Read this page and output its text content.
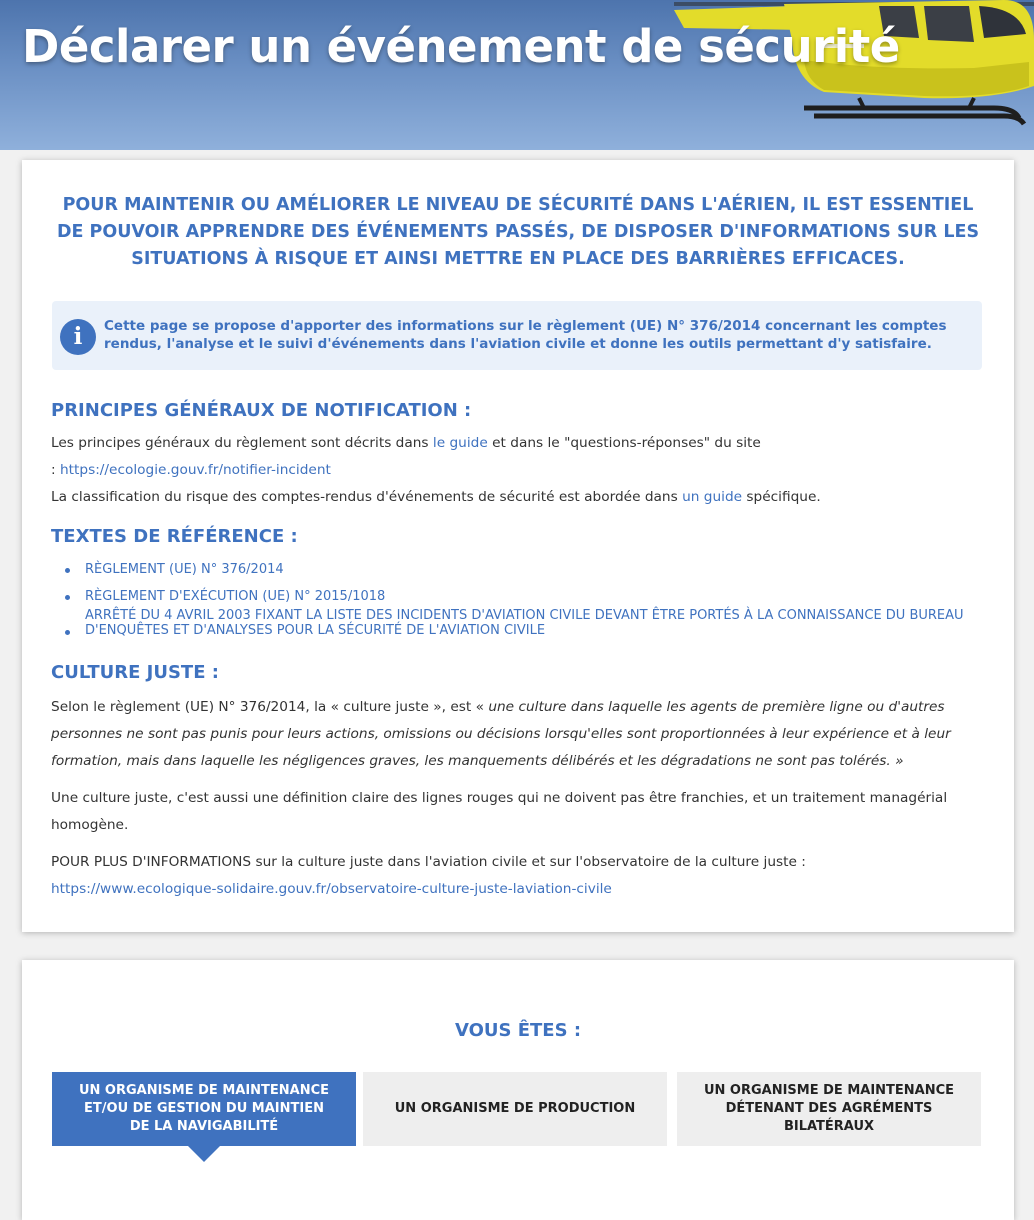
Déclarer un événement de sécurité

POUR MAINTENIR OU AMÉLIORER LE NIVEAU DE SÉCURITÉ DANS L'AÉRIEN, IL EST ESSENTIEL DE POUVOIR APPRENDRE DES ÉVÉNEMENTS PASSÉS, DE DISPOSER D'INFORMATIONS SUR LES SITUATIONS À RISQUE ET AINSI METTRE EN PLACE DES BARRIÈRES EFFICACES.

i	Cette page se propose d'apporter des informations sur le règlement (UE) N° 376/2014 concernant les comptes rendus, l'analyse et le suivi d'événements dans l'aviation civile et donne les outils permettant d'y satisfaire.

PRINCIPES GÉNÉRAUX DE NOTIFICATION :

Les principes généraux du règlement sont décrits dans le guide et dans le "questions-réponses" du site
: https://ecologie.gouv.fr/notifier-incident

La classification du risque des comptes-rendus d'événements de sécurité est abordée dans un guide spécifique.

TEXTES DE RÉFÉRENCE :
RÈGLEMENT (UE) N° 376/2014
RÈGLEMENT D'EXÉCUTION (UE) N° 2015/1018
ARRÊTÉ DU 4 AVRIL 2003 FIXANT LA LISTE DES INCIDENTS D'AVIATION CIVILE DEVANT ÊTRE PORTÉS À LA CONNAISSANCE DU BUREAU D'ENQUÊTES ET D'ANALYSES POUR LA SÉCURITÉ DE L'AVIATION CIVILE
CULTURE JUSTE :

Selon le règlement (UE) N° 376/2014, la « culture juste », est « une culture dans laquelle les agents de première ligne ou d'autres personnes ne sont pas punis pour leurs actions, omissions ou décisions lorsqu'elles sont proportionnées à leur expérience et à leur formation, mais dans laquelle les négligences graves, les manquements délibérés et les dégradations ne sont pas tolérés. »

Une culture juste, c'est aussi une définition claire des lignes rouges qui ne doivent pas être franchies, et un traitement managérial homogène.

POUR PLUS D'INFORMATIONS sur la culture juste dans l'aviation civile et sur l'observatoire de la culture juste :
https://www.ecologique-solidaire.gouv.fr/observatoire-culture-juste-laviation-civile

VOUS ÊTES :
UN ORGANISME DE MAINTENANCE ET/OU DE GESTION DU MAINTIEN DE LA NAVIGABILITÉ
UN ORGANISME DE PRODUCTION
UN ORGANISME DE MAINTENANCE DÉTENANT DES AGRÉMENTS BILATÉRAUX
